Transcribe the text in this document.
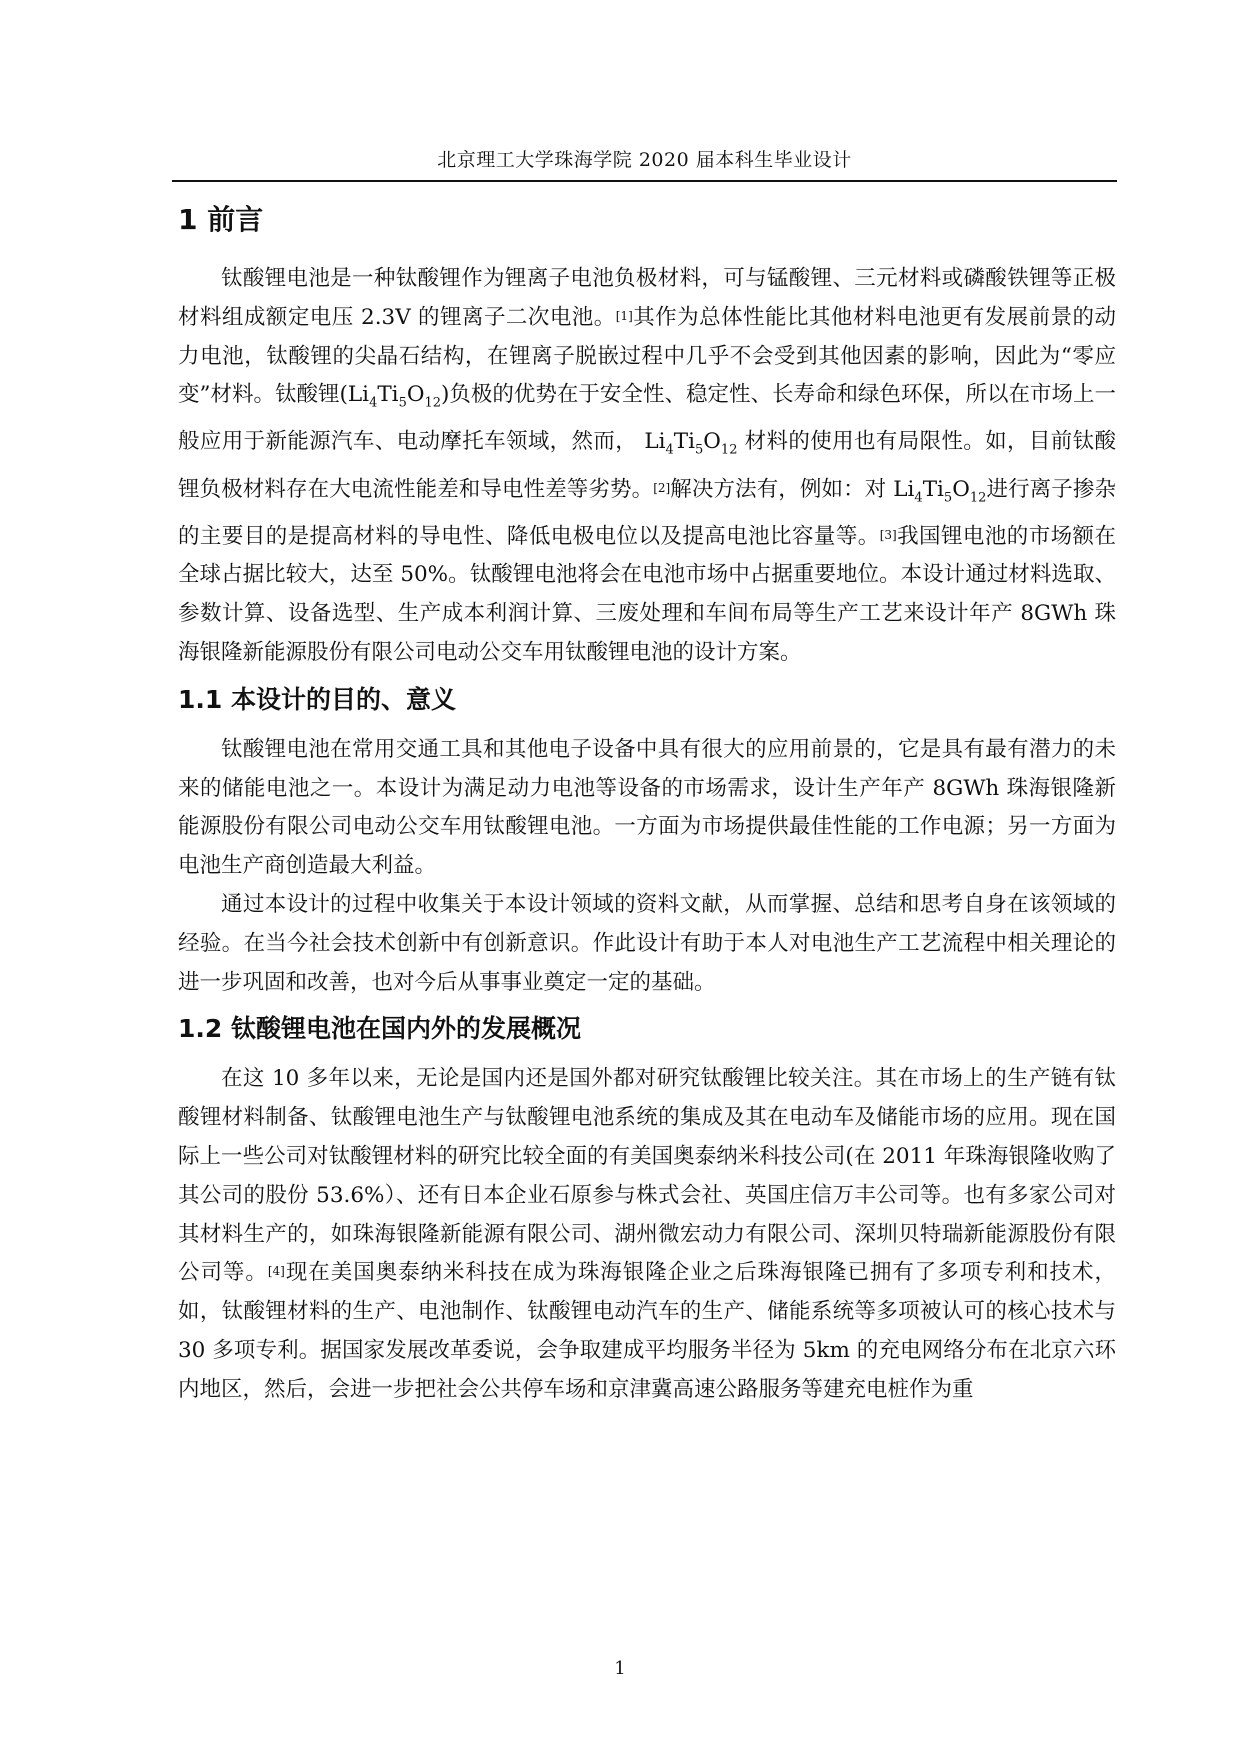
北京理工大学珠海学院 2020 届本科生毕业设计
1 前言

钛酸锂电池是一种钛酸锂作为锂离子电池负极材料，可与锰酸锂、三元材料或磷酸铁锂等正极材料组成额定电压 2.3V 的锂离子二次电池。[1]其作为总体性能比其他材料电池更有发展前景的动力电池，钛酸锂的尖晶石结构，在锂离子脱嵌过程中几乎不会受到其他因素的影响，因此为“零应变”材料。钛酸锂$(Li_4Ti_5O_{12})$负极的优势在于安全性、稳定性、长寿命和绿色环保，所以在市场上一般应用于新能源汽车、电动摩托车领域，然而， $Li_4Ti_5O_{12}$ 材料的使用也有局限性。如，目前钛酸锂负极材料存在大电流性能差和导电性差等劣势。[2]解决方法有，例如：对 $Li_4Ti_5O_{12}$进行离子掺杂的主要目的是提高材料的导电性、降低电极电位以及提高电池比容量等。[3]我国锂电池的市场额在全球占据比较大，达至 50%。钛酸锂电池将会在电池市场中占据重要地位。本设计通过材料选取、参数计算、设备选型、生产成本利润计算、三废处理和车间布局等生产工艺来设计年产 8GWh 珠海银隆新能源股份有限公司电动公交车用钛酸锂电池的设计方案。

1.1 本设计的目的、意义

钛酸锂电池在常用交通工具和其他电子设备中具有很大的应用前景的，它是具有最有潜力的未来的储能电池之一。本设计为满足动力电池等设备的市场需求，设计生产年产 8GWh 珠海银隆新能源股份有限公司电动公交车用钛酸锂电池。一方面为市场提供最佳性能的工作电源；另一方面为电池生产商创造最大利益。

通过本设计的过程中收集关于本设计领域的资料文献，从而掌握、总结和思考自身在该领域的经验。在当今社会技术创新中有创新意识。作此设计有助于本人对电池生产工艺流程中相关理论的进一步巩固和改善，也对今后从事事业奠定一定的基础。

1.2 钛酸锂电池在国内外的发展概况

在这 10 多年以来，无论是国内还是国外都对研究钛酸锂比较关注。其在市场上的生产链有钛酸锂材料制备、钛酸锂电池生产与钛酸锂电池系统的集成及其在电动车及储能市场的应用。现在国际上一些公司对钛酸锂材料的研究比较全面的有美国奥泰纳米科技公司(在 2011 年珠海银隆收购了其公司的股份 53.6%）、还有日本企业石原参与株式会社、英国庄信万丰公司等。也有多家公司对其材料生产的，如珠海银隆新能源有限公司、湖州微宏动力有限公司、深圳贝特瑞新能源股份有限公司等。[4]现在美国奥泰纳米科技在成为珠海银隆企业之后珠海银隆已拥有了多项专利和技术，如，钛酸锂材料的生产、电池制作、钛酸锂电动汽车的生产、储能系统等多项被认可的核心技术与 30 多项专利。据国家发展改革委说，会争取建成平均服务半径为 5km 的充电网络分布在北京六环内地区，然后，会进一步把社会公共停车场和京津冀高速公路服务等建充电桩作为重

1
